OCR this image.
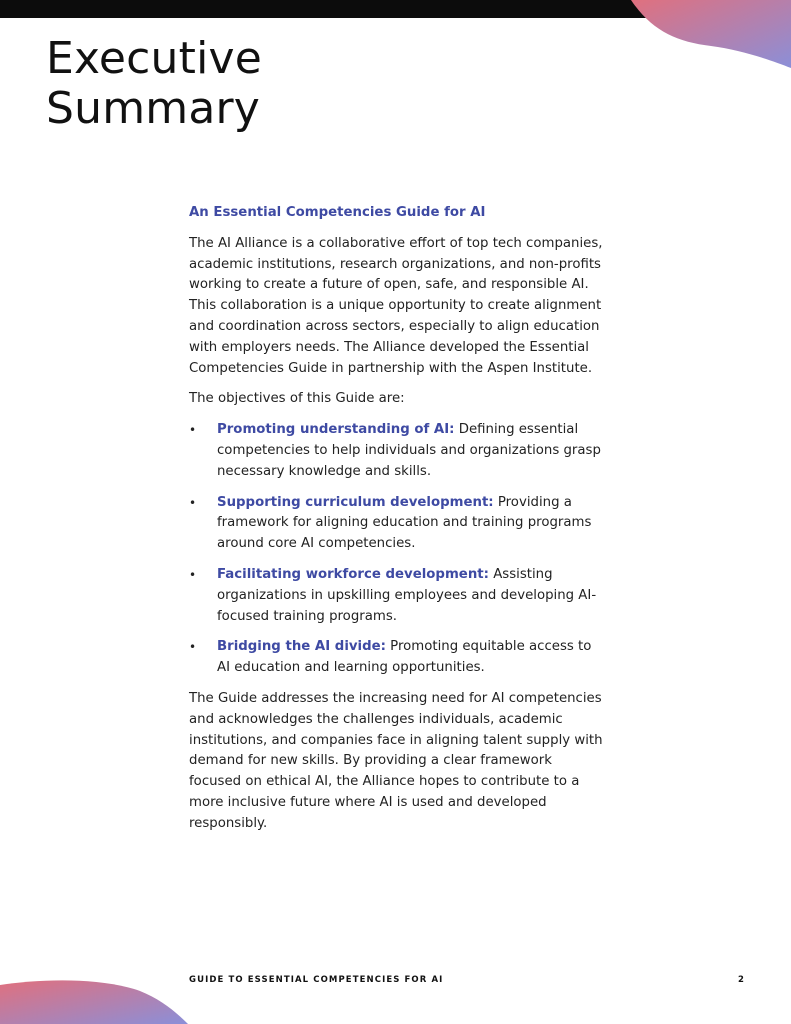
Executive
Summary
An Essential Competencies Guide for AI

The AI Alliance is a collaborative effort of top tech companies, academic institutions, research organizations, and non-profits working to create a future of open, safe, and responsible AI. This collaboration is a unique opportunity to create alignment and coordination across sectors, especially to align education with employers needs. The Alliance developed the Essential Competencies Guide in partnership with the Aspen Institute.

The objectives of this Guide are:

• Promoting understanding of AI: Defining essential competencies to help individuals and organizations grasp necessary knowledge and skills.
• Supporting curriculum development: Providing a framework for aligning education and training programs around core AI competencies.
• Facilitating workforce development: Assisting organizations in upskilling employees and developing AI-focused training programs.
• Bridging the AI divide: Promoting equitable access to AI education and learning opportunities.

The Guide addresses the increasing need for AI competencies and acknowledges the challenges individuals, academic institutions, and companies face in aligning talent supply with demand for new skills. By providing a clear framework focused on ethical AI, the Alliance hopes to contribute to a more inclusive future where AI is used and developed responsibly.

GUIDE TO ESSENTIAL COMPETENCIES FOR AI	2
